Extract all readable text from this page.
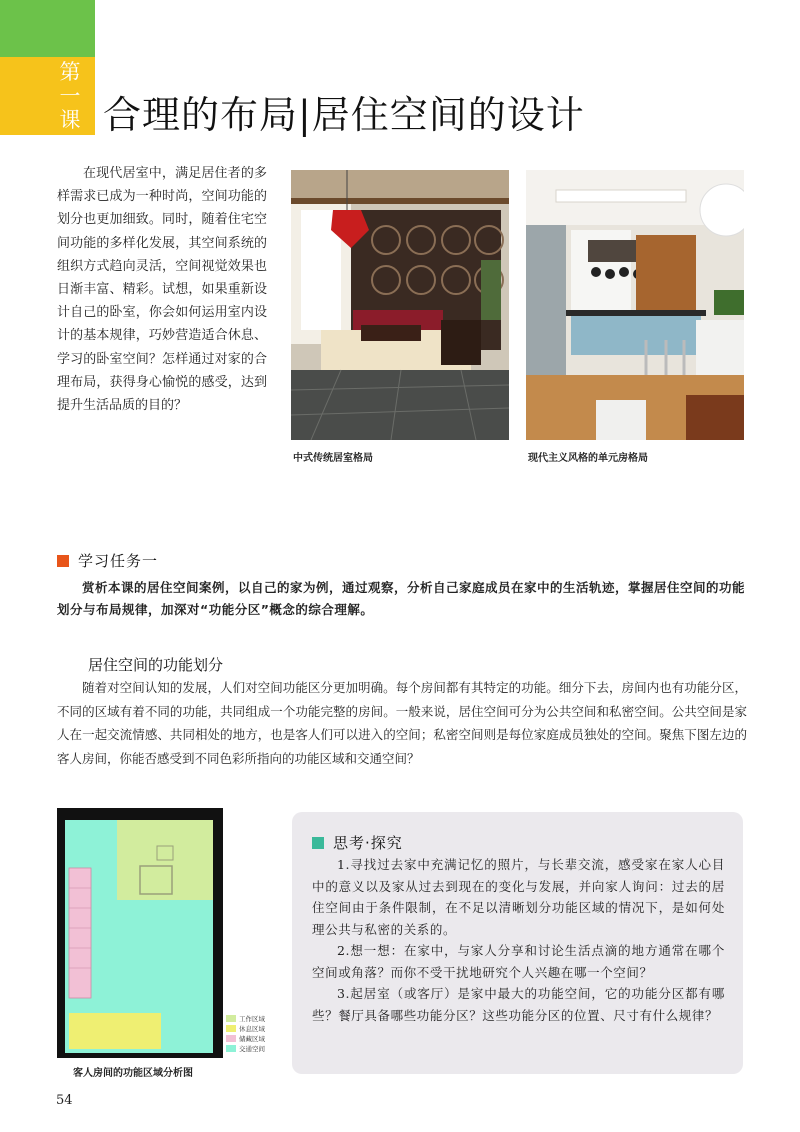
第一课 合理的布局|居住空间的设计

在现代居室中，满足居住者的多样需求已成为一种时尚，空间功能的划分也更加细致。同时，随着住宅空间功能的多样化发展，其空间系统的组织方式趋向灵活，空间视觉效果也日渐丰富、精彩。试想，如果重新设计自己的卧室，你会如何运用室内设计的基本规律，巧妙营造适合休息、学习的卧室空间？怎样通过对家的合理布局，获得身心愉悦的感受，达到提升生活品质的目的？

中式传统居室格局	现代主义风格的单元房格局
学习任务一

赏析本课的居住空间案例，以自己的家为例，通过观察，分析自己家庭成员在家中的生活轨迹，掌握居住空间的功能划分与布局规律，加深对“功能分区”概念的综合理解。

居住空间的功能划分

随着对空间认知的发展，人们对空间功能区分更加明确。每个房间都有其特定的功能。细分下去，房间内也有功能分区，不同的区域有着不同的功能，共同组成一个功能完整的房间。一般来说，居住空间可分为公共空间和私密空间。公共空间是家人在一起交流情感、共同相处的地方，也是客人们可以进入的空间；私密空间则是每位家庭成员独处的空间。聚焦下图左边的客人房间，你能否感受到不同色彩所指向的功能区域和交通空间？

工作区域
休息区域
储藏区域
交通空间
客人房间的功能区域分析图
思考·探究

1.寻找过去家中充满记忆的照片，与长辈交流，感受家在家人心目中的意义以及家从过去到现在的变化与发展，并向家人询问：过去的居住空间由于条件限制，在不足以清晰划分功能区域的情况下，是如何处理公共与私密的关系的。

2.想一想：在家中，与家人分享和讨论生活点滴的地方通常在哪个空间或角落？而你不受干扰地研究个人兴趣在哪一个空间？

3.起居室（或客厅）是家中最大的功能空间，它的功能分区都有哪些？餐厅具备哪些功能分区？这些功能分区的位置、尺寸有什么规律？

54
